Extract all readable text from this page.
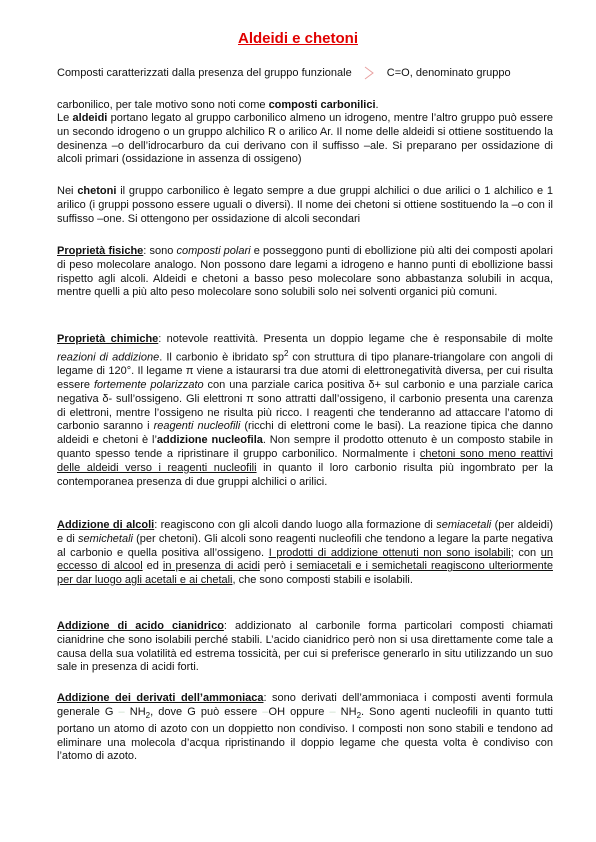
Aldeidi e chetoni
Composti caratterizzati dalla presenza del gruppo funzionale	C=O, denominato gruppo
carbonilico, per tale motivo sono noti come composti carbonilici.

Le aldeidi portano legato al gruppo carbonilico almeno un idrogeno, mentre l’altro gruppo può essere un secondo idrogeno o un gruppo alchilico R o arilico Ar. Il nome delle aldeidi si ottiene sostituendo la desinenza –o dell’idrocarburo da cui derivano con il suffisso –ale. Si preparano per ossidazione di alcoli primari (ossidazione in assenza di ossigeno)

Nei chetoni il gruppo carbonilico è legato sempre a due gruppi alchilici o due arilici o 1 alchilico e 1 arilico (i gruppi possono essere uguali o diversi). Il nome dei chetoni si ottiene sostituendo la –o con il suffisso –one. Si ottengono per ossidazione di alcoli secondari

Proprietà fisiche: sono composti polari e posseggono punti di ebollizione più alti dei composti apolari di peso molecolare analogo. Non possono dare legami a idrogeno e hanno punti di ebollizione bassi rispetto agli alcoli. Aldeidi e chetoni a basso peso molecolare sono abbastanza solubili in acqua, mentre quelli a più alto peso molecolare sono solubili solo nei solventi organici più comuni.

Proprietà chimiche: notevole reattività. Presenta un doppio legame che è responsabile di molte reazioni di addizione. Il carbonio è ibridato $sp^2$ con struttura di tipo planare-triangolare con angoli di legame di 120°. Il legame π viene a istaurarsi tra due atomi di elettronegatività diversa, per cui risulta essere fortemente polarizzato con una parziale carica positiva δ+ sul carbonio e una parziale carica negativa δ- sull’ossigeno. Gli elettroni π sono attratti dall’ossigeno, il carbonio presenta una carenza di elettroni, mentre l’ossigeno ne risulta più ricco. I reagenti che tenderanno ad attaccare l’atomo di carbonio saranno i reagenti nucleofili (ricchi di elettroni come le basi). La reazione tipica che danno aldeidi e chetoni è l’addizione nucleofila. Non sempre il prodotto ottenuto è un composto stabile in quanto spesso tende a ripristinare il gruppo carbonilico. Normalmente i chetoni sono meno reattivi delle aldeidi verso i reagenti nucleofili in quanto il loro carbonio risulta più ingombrato per la contemporanea presenza di due gruppi alchilici o arilici.

Addizione di alcoli: reagiscono con gli alcoli dando luogo alla formazione di semiacetali (per aldeidi) e di semichetali (per chetoni). Gli alcoli sono reagenti nucleofili che tendono a legare la parte negativa al carbonio e quella positiva all’ossigeno. I prodotti di addizione ottenuti non sono isolabili; con un eccesso di alcool ed in presenza di acidi però i semiacetali e i semichetali reagiscono ulteriormente per dar luogo agli acetali e ai chetali, che sono composti stabili e isolabili.

Addizione di acido cianidrico: addizionato al carbonile forma particolari composti chiamati cianidrine che sono isolabili perché stabili. L’acido cianidrico però non si usa direttamente come tale a causa della sua volatilità ed estrema tossicità, per cui si preferisce generarlo in situ utilizzando un suo sale in presenza di acidi forti.

Addizione dei derivati dell’ammoniaca: sono derivati dell’ammoniaca i composti aventi formula generale G – $NH_2$, dove G può essere –OH oppure – $NH_2$. Sono agenti nucleofili in quanto tutti portano un atomo di azoto con un doppietto non condiviso. I composti non sono stabili e tendono ad eliminare una molecola d’acqua ripristinando il doppio legame che questa volta è condiviso con l’atomo di azoto.
